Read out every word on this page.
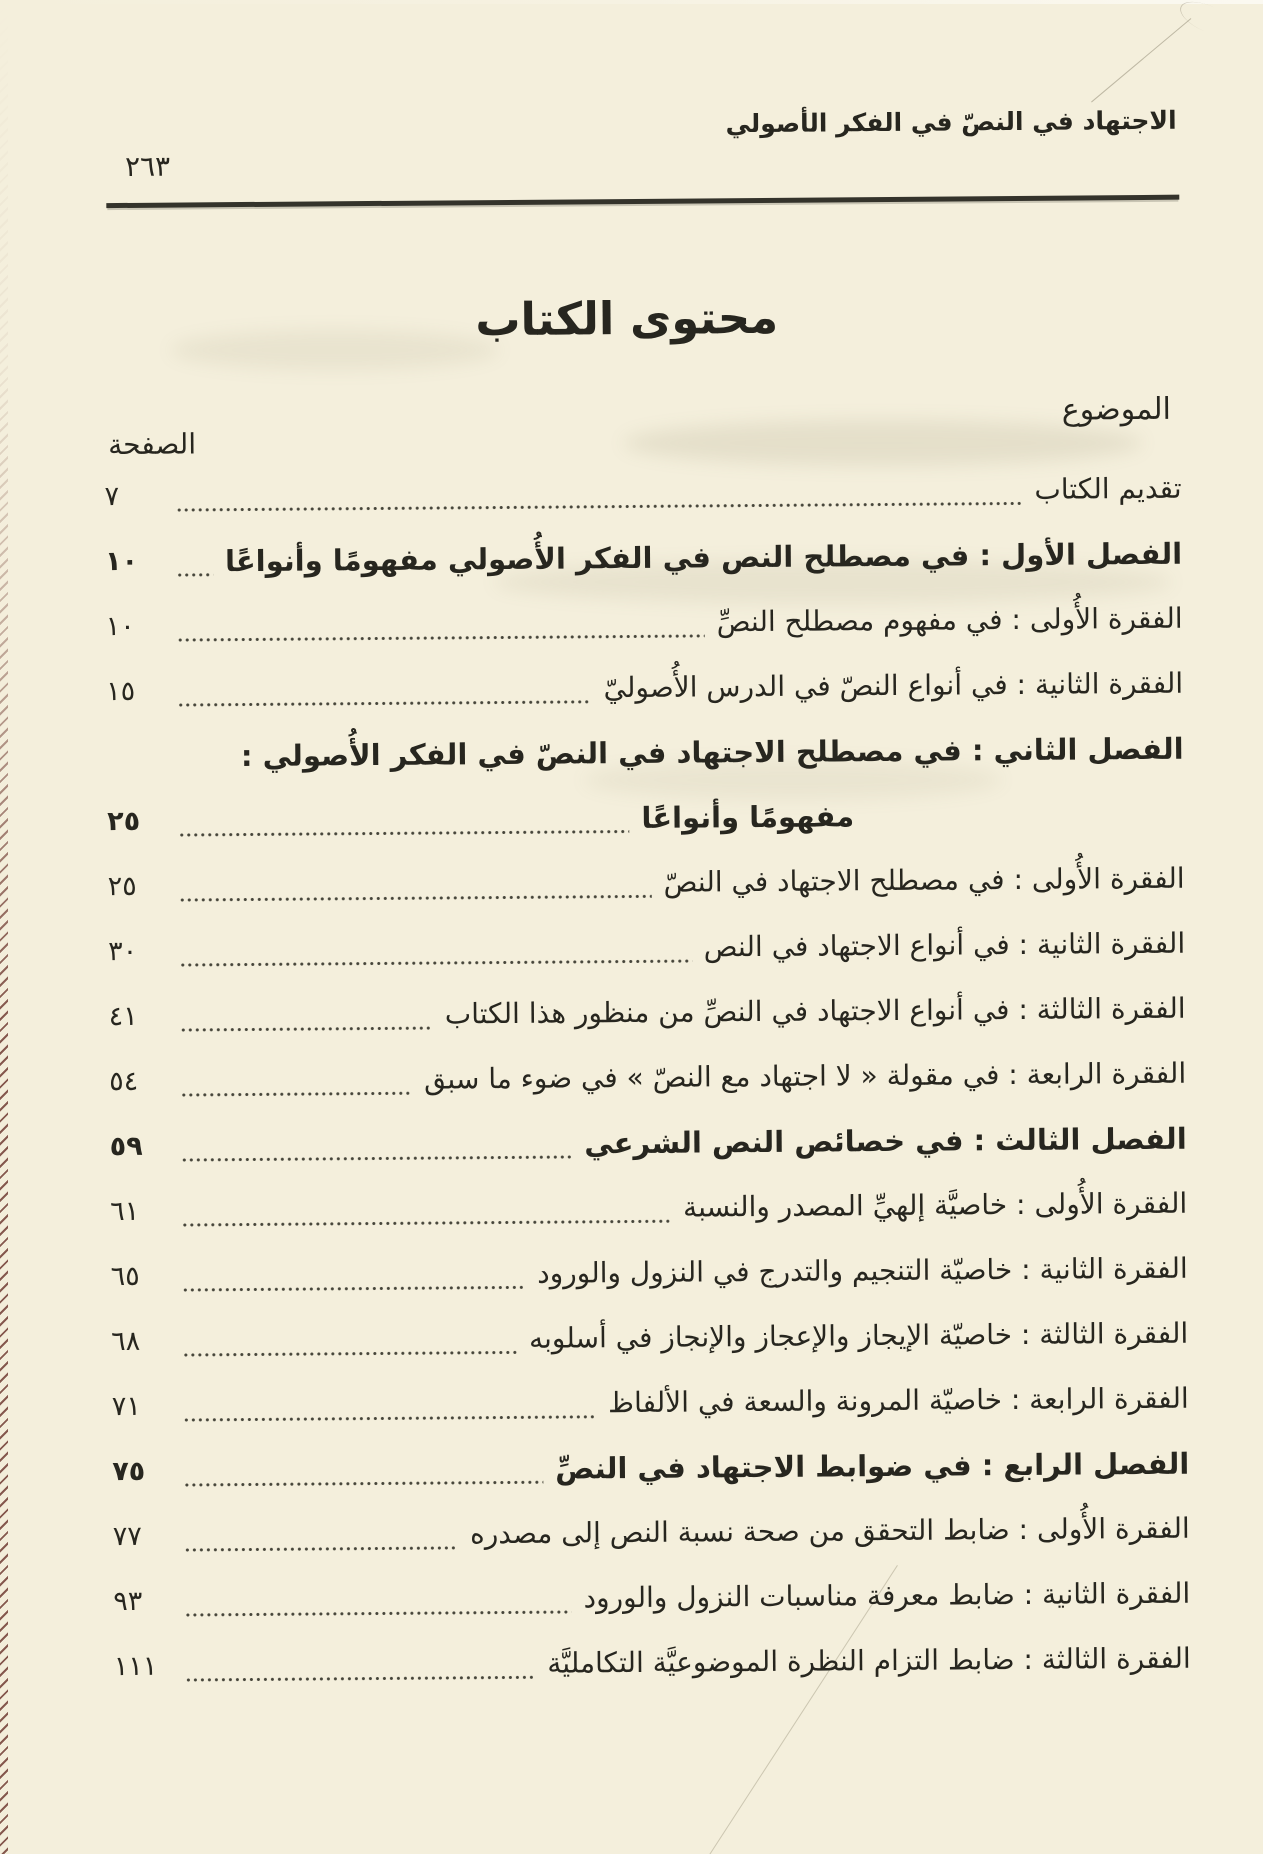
الاجتهاد في النصّ في الفكر الأصولي
٢٦٣
محتوى الكتاب
الموضوع
الصفحة
تقديم الكتاب
٧
الفصل الأول : في مصطلح النص في الفكر الأُصولي مفهومًا وأنواعًا
١٠
الفقرة الأُولى : في مفهوم مصطلح النصِّ
١٠
الفقرة الثانية : في أنواع النصّ في الدرس الأُصوليّ
١٥
الفصل الثاني : في مصطلح الاجتهاد في النصّ في الفكر الأُصولي :
مفهومًا وأنواعًا
٢٥
الفقرة الأُولى : في مصطلح الاجتهاد في النصّ
٢٥
الفقرة الثانية : في أنواع الاجتهاد في النص
٣٠
الفقرة الثالثة : في أنواع الاجتهاد في النصِّ من منظور هذا الكتاب
٤١
الفقرة الرابعة : في مقولة « لا اجتهاد مع النصّ » في ضوء ما سبق
٥٤
الفصل الثالث : في خصائص النص الشرعي
٥٩
الفقرة الأُولى : خاصيَّة إلهيِّ المصدر والنسبة
٦١
الفقرة الثانية : خاصيّة التنجيم والتدرج في النزول والورود
٦٥
الفقرة الثالثة : خاصيّة الإيجاز والإعجاز والإنجاز في أسلوبه
٦٨
الفقرة الرابعة : خاصيّة المرونة والسعة في الألفاظ
٧١
الفصل الرابع : في ضوابط الاجتهاد في النصِّ
٧٥
الفقرة الأُولى : ضابط التحقق من صحة نسبة النص إلى مصدره
٧٧
الفقرة الثانية : ضابط معرفة مناسبات النزول والورود
٩٣
الفقرة الثالثة : ضابط التزام النظرة الموضوعيَّة التكامليَّة
١١١
